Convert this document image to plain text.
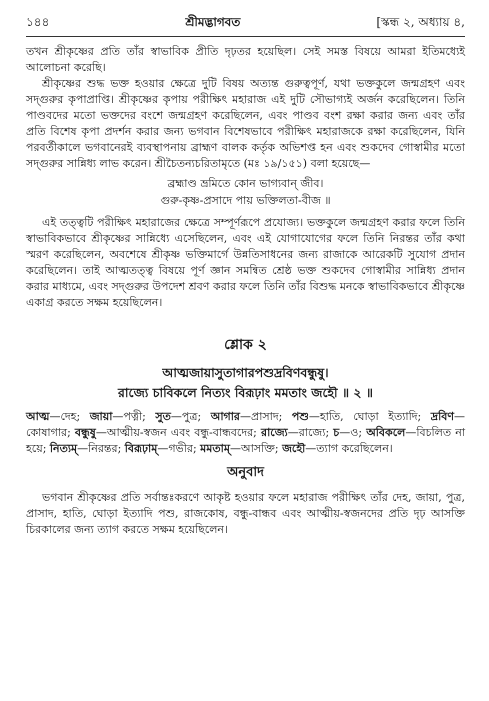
১৪৪	শ্রীমদ্ভাগবত	[স্কন্ধ ২, অধ্যায় ৪,

তখন শ্রীকৃষ্ণের প্রতি তাঁর স্বাভাবিক প্রীতি দৃঢ়তর হয়েছিল। সেই সমস্ত বিষয়ে আমরা ইতিমধ্যেই আলোচনা করেছি।

শ্রীকৃষ্ণের শুদ্ধ ভক্ত হওয়ার ক্ষেত্রে দুটি বিষয় অত্যন্ত গুরুত্বপূর্ণ, যথা ভক্তকুলে জন্মগ্রহণ এবং সদ্‌গুরুর কৃপাপ্রাপ্তি। শ্রীকৃষ্ণের কৃপায় পরীক্ষিৎ মহারাজ এই দুটি সৌভাগ্যই অর্জন করেছিলেন। তিনি পাণ্ডবদের মতো ভক্তদের বংশে জন্মগ্রহণ করেছিলেন, এবং পাণ্ডব বংশ রক্ষা করার জন্য এবং তাঁর প্রতি বিশেষ কৃপা প্রদর্শন করার জন্য ভগবান বিশেষভাবে পরীক্ষিৎ মহারাজকে রক্ষা করেছিলেন, যিনি পরবর্তীকালে ভগবানেরই ব্যবস্থাপনায় ব্রাহ্মণ বালক কর্তৃক অভিশপ্ত হন এবং শুকদেব গোস্বামীর মতো সদ্‌গুরুর সান্নিধ্য লাভ করেন। শ্রীচৈতন্যচরিতামৃতে (মঃ ১৯/১৫১) বলা হয়েছে—

ব্রহ্মাণ্ড ভ্রমিতে কোন ভাগ্যবান্ জীব।
গুরু-কৃষ্ণ-প্রসাদে পায় ভক্তিলতা-বীজ ॥

এই তত্ত্বটি পরীক্ষিৎ মহারাজের ক্ষেত্রে সম্পূর্ণরূপে প্রযোজ্য। ভক্তকুলে জন্মগ্রহণ করার ফলে তিনি স্বাভাবিকভাবে শ্রীকৃষ্ণের সান্নিধ্যে এসেছিলেন, এবং এই যোগাযোগের ফলে তিনি নিরন্তর তাঁর কথা স্মরণ করেছিলেন, অবশেষে শ্রীকৃষ্ণ ভক্তিমার্গে উন্নতিসাধনের জন্য রাজাকে আরেকটি সুযোগ প্রদান করেছিলেন। তাই আত্মতত্ত্ব বিষয়ে পূর্ণ জ্ঞান সমন্বিত শ্রেষ্ঠ ভক্ত শুকদেব গোস্বামীর সান্নিধ্য প্রদান করার মাধ্যমে, এবং সদ্‌গুরুর উপদেশ শ্রবণ করার ফলে তিনি তাঁর বিশুদ্ধ মনকে স্বাভাবিকভাবে শ্রীকৃষ্ণে একাগ্র করতে সক্ষম হয়েছিলেন।

শ্লোক ২
আত্মজায়াসুতাগারপশুদ্রবিণবন্ধুষু।
রাজ্যে চাবিকলে নিত্যং বিরূঢ়াং মমতাং জহৌ ॥ ২ ॥
আত্ম—দেহ; জায়া—পত্নী; সুত—পুত্র; আগার—প্রাসাদ; পশু—হাতি, ঘোড়া ইত্যাদি; দ্রবিণ—কোষাগার; বন্ধুষু—আত্মীয়-স্বজন এবং বন্ধু-বান্ধবদের; রাজ্যে—রাজ্যে; চ—ও; অবিকলে—বিচলিত না হয়ে; নিত্যম্—নিরন্তর; বিরূঢ়াম্—গভীর; মমতাম্—আসক্তি; জহৌ—ত্যাগ করেছিলেন।
অনুবাদ

ভগবান শ্রীকৃষ্ণের প্রতি সর্বান্তঃকরণে আকৃষ্ট হওয়ার ফলে মহারাজ পরীক্ষিৎ তাঁর দেহ, জায়া, পুত্র, প্রাসাদ, হাতি, ঘোড়া ইত্যাদি পশু, রাজকোষ, বন্ধু-বান্ধব এবং আত্মীয়-স্বজনদের প্রতি দৃঢ় আসক্তি চিরকালের জন্য ত্যাগ করতে সক্ষম হয়েছিলেন।
